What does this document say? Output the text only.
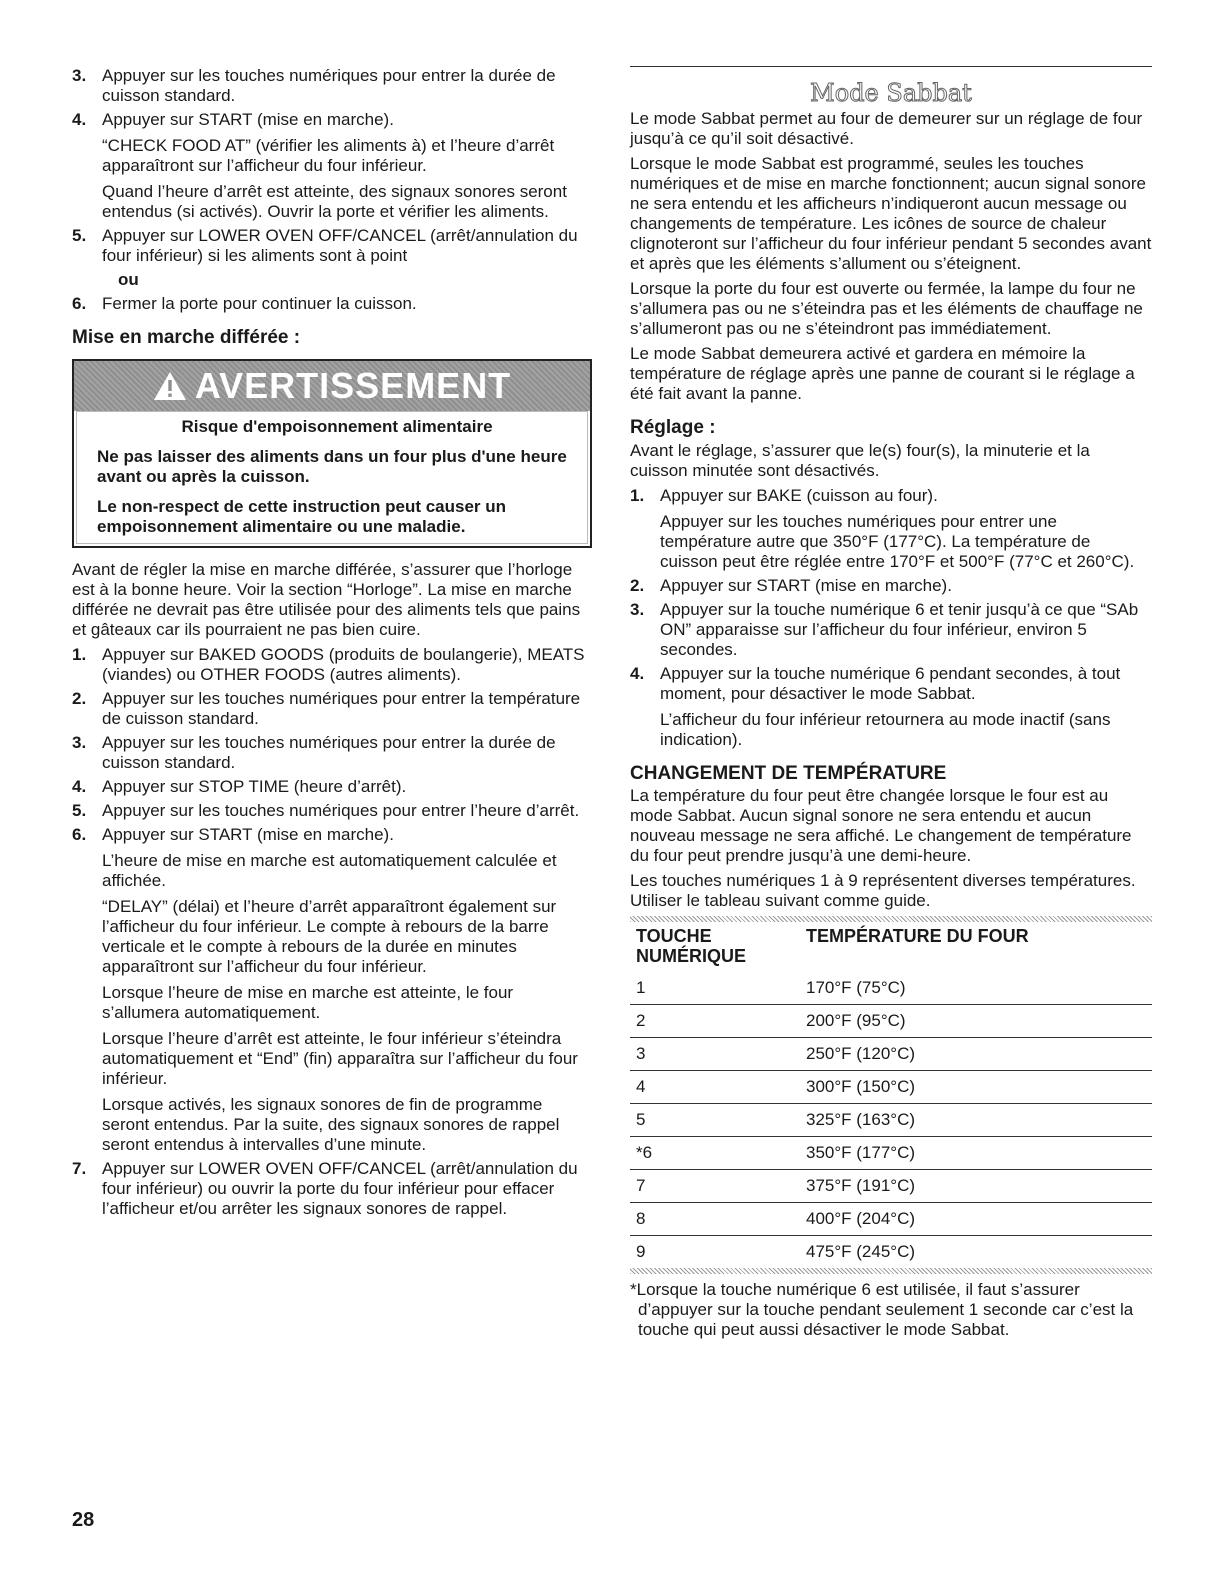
3. Appuyer sur les touches numériques pour entrer la durée de cuisson standard.

4. Appuyer sur START (mise en marche).

“CHECK FOOD AT” (vérifier les aliments à) et l’heure d’arrêt apparaîtront sur l’afficheur du four inférieur.

Quand l’heure d’arrêt est atteinte, des signaux sonores seront entendus (si activés). Ouvrir la porte et vérifier les aliments.

5. Appuyer sur LOWER OVEN OFF/CANCEL (arrêt/annulation du four inférieur) si les aliments sont à point

ou
6. Fermer la porte pour continuer la cuisson.

Mise en marche différée :
AVERTISSEMENT
Risque d'empoisonnement alimentaire
Ne pas laisser des aliments dans un four plus d'une heure avant ou après la cuisson.
Le non-respect de cette instruction peut causer un empoisonnement alimentaire ou une maladie.

Avant de régler la mise en marche différée, s’assurer que l’horloge est à la bonne heure. Voir la section “Horloge”. La mise en marche différée ne devrait pas être utilisée pour des aliments tels que pains et gâteaux car ils pourraient ne pas bien cuire.

1. Appuyer sur BAKED GOODS (produits de boulangerie), MEATS (viandes) ou OTHER FOODS (autres aliments).

2. Appuyer sur les touches numériques pour entrer la température de cuisson standard.

3. Appuyer sur les touches numériques pour entrer la durée de cuisson standard.

4. Appuyer sur STOP TIME (heure d’arrêt).

5. Appuyer sur les touches numériques pour entrer l’heure d’arrêt.

6. Appuyer sur START (mise en marche).

L’heure de mise en marche est automatiquement calculée et affichée.

“DELAY” (délai) et l’heure d’arrêt apparaîtront également sur l’afficheur du four inférieur. Le compte à rebours de la barre verticale et le compte à rebours de la durée en minutes apparaîtront sur l’afficheur du four inférieur.

Lorsque l’heure de mise en marche est atteinte, le four s’allumera automatiquement.

Lorsque l’heure d’arrêt est atteinte, le four inférieur s’éteindra automatiquement et “End” (fin) apparaîtra sur l’afficheur du four inférieur.

Lorsque activés, les signaux sonores de fin de programme seront entendus. Par la suite, des signaux sonores de rappel seront entendus à intervalles d’une minute.

7. Appuyer sur LOWER OVEN OFF/CANCEL (arrêt/annulation du four inférieur) ou ouvrir la porte du four inférieur pour effacer l’afficheur et/ou arrêter les signaux sonores de rappel.

Mode Sabbat

Le mode Sabbat permet au four de demeurer sur un réglage de four jusqu’à ce qu’il soit désactivé.

Lorsque le mode Sabbat est programmé, seules les touches numériques et de mise en marche fonctionnent; aucun signal sonore ne sera entendu et les afficheurs n’indiqueront aucun message ou changements de température. Les icônes de source de chaleur clignoteront sur l’afficheur du four inférieur pendant 5 secondes avant et après que les éléments s’allument ou s’éteignent.

Lorsque la porte du four est ouverte ou fermée, la lampe du four ne s’allumera pas ou ne s’éteindra pas et les éléments de chauffage ne s’allumeront pas ou ne s’éteindront pas immédiatement.

Le mode Sabbat demeurera activé et gardera en mémoire la température de réglage après une panne de courant si le réglage a été fait avant la panne.

Réglage :

Avant le réglage, s’assurer que le(s) four(s), la minuterie et la cuisson minutée sont désactivés.

1. Appuyer sur BAKE (cuisson au four).

Appuyer sur les touches numériques pour entrer une température autre que 350°F (177°C). La température de cuisson peut être réglée entre 170°F et 500°F (77°C et 260°C).

2. Appuyer sur START (mise en marche).

3. Appuyer sur la touche numérique 6 et tenir jusqu’à ce que “SAb ON” apparaisse sur l’afficheur du four inférieur, environ 5 secondes.

4. Appuyer sur la touche numérique 6 pendant secondes, à tout moment, pour désactiver le mode Sabbat.

L’afficheur du four inférieur retournera au mode inactif (sans indication).

CHANGEMENT DE TEMPÉRATURE

La température du four peut être changée lorsque le four est au mode Sabbat. Aucun signal sonore ne sera entendu et aucun nouveau message ne sera affiché. Le changement de température du four peut prendre jusqu’à une demi-heure.

Les touches numériques 1 à 9 représentent diverses températures. Utiliser le tableau suivant comme guide.

TOUCHE NUMÉRIQUE	TEMPÉRATURE DU FOUR
1	170°F (75°C)
2	200°F (95°C)
3	250°F (120°C)
4	300°F (150°C)
5	325°F (163°C)
*6	350°F (177°C)
7	375°F (191°C)
8	400°F (204°C)
9	475°F (245°C)

*Lorsque la touche numérique 6 est utilisée, il faut s’assurer d’appuyer sur la touche pendant seulement 1 seconde car c’est la touche qui peut aussi désactiver le mode Sabbat.

28
